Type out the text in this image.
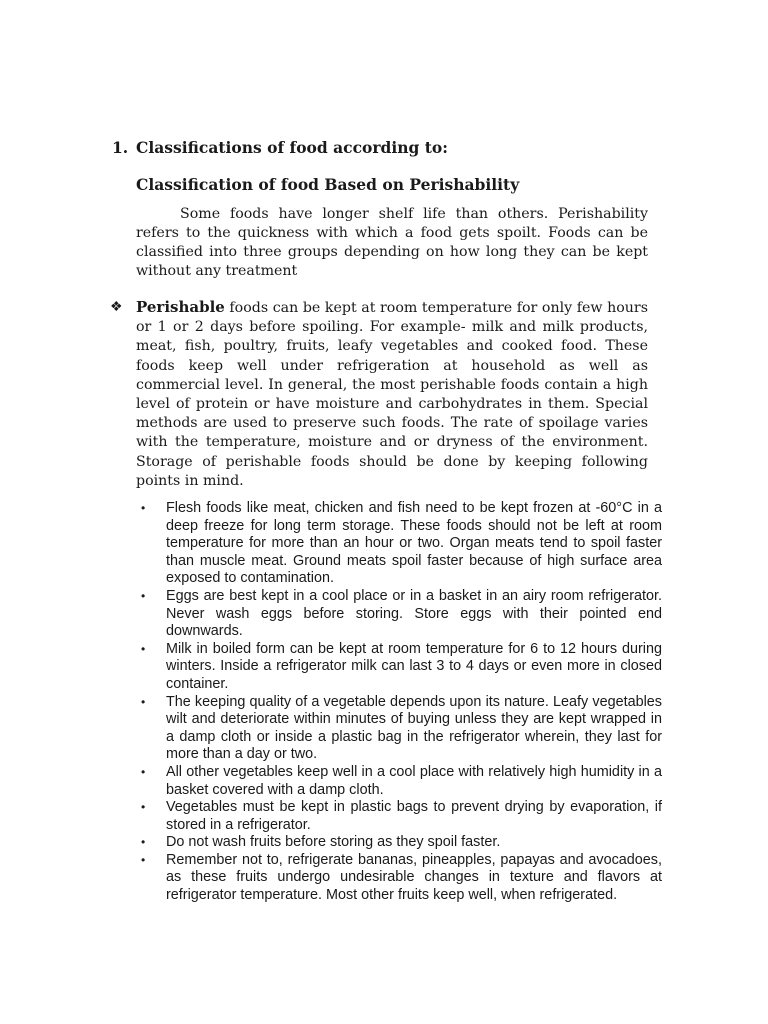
1. Classifications of food according to:
Classification of food Based on Perishability

Some foods have longer shelf life than others. Perishability refers to the quickness with which a food gets spoilt. Foods can be classified into three groups depending on how long they can be kept without any treatment

❖ Perishable foods can be kept at room temperature for only few hours or 1 or 2 days before spoiling. For example- milk and milk products, meat, fish, poultry, fruits, leafy vegetables and cooked food. These foods keep well under refrigeration at household as well as commercial level. In general, the most perishable foods contain a high level of protein or have moisture and carbohydrates in them. Special methods are used to preserve such foods. The rate of spoilage varies with the temperature, moisture and or dryness of the environment. Storage of perishable foods should be done by keeping following points in mind.

•
Flesh foods like meat, chicken and fish need to be kept frozen at -60°C in a deep freeze for long term storage. These foods should not be left at room temperature for more than an hour or two. Organ meats tend to spoil faster than muscle meat. Ground meats spoil faster because of high surface area exposed to contamination.
•
Eggs are best kept in a cool place or in a basket in an airy room refrigerator. Never wash eggs before storing. Store eggs with their pointed end downwards.
•
Milk in boiled form can be kept at room temperature for 6 to 12 hours during winters. Inside a refrigerator milk can last 3 to 4 days or even more in closed container.
•
The keeping quality of a vegetable depends upon its nature. Leafy vegetables wilt and deteriorate within minutes of buying unless they are kept wrapped in a damp cloth or inside a plastic bag in the refrigerator wherein, they last for more than a day or two.
•
All other vegetables keep well in a cool place with relatively high humidity in a basket covered with a damp cloth.
•
Vegetables must be kept in plastic bags to prevent drying by evaporation, if stored in a refrigerator.
•
Do not wash fruits before storing as they spoil faster.
•
Remember not to, refrigerate bananas, pineapples, papayas and avocadoes, as these fruits undergo undesirable changes in texture and flavors at refrigerator temperature. Most other fruits keep well, when refrigerated.
